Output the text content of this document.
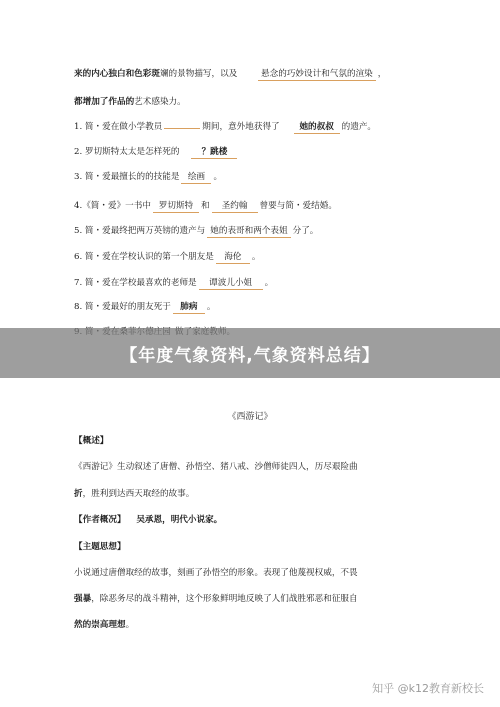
来的内心独白和色彩斑斓的景物描写，以及	悬念的巧妙设计和气氛的渲染 ，
都增加了作品的艺术感染力。
1. 简・爱在做小学教员	期间，意外地获得了 她的叔叔 的遗产。
2. 罗切斯特太太是怎样死的	？跳楼
3. 简・爱最擅长的的技能是 绘画 。
4.《简・爱》一书中 罗切斯特 和 圣约翰 曾要与简・爱结婚。
5. 简・爱最终把两万英镑的遗产与 她的表哥和两个表姐 分了。
6. 简・爱在学校认识的第一个朋友是 海伦 。
7. 简・爱在学校最喜欢的老师是 谭波儿小姐 。
8. 简・爱最好的朋友死于 肺病 。
【年度气象资料,气象资料总结】
《西游记》
【概述】
《西游记》生动叙述了唐僧、孙悟空、猪八戒、沙僧师徒四人，历尽艰险曲
折，胜利到达西天取经的故事。
【作者概况】 吴承恩，明代小说家。
【主题思想】
小说通过唐僧取经的故事，刻画了孙悟空的形象。表现了他蔑视权威，不畏
强暴，除恶务尽的战斗精神，这个形象鲜明地反映了人们战胜邪恶和征服自
然的崇高理想。
知乎 @k12教育新校长
